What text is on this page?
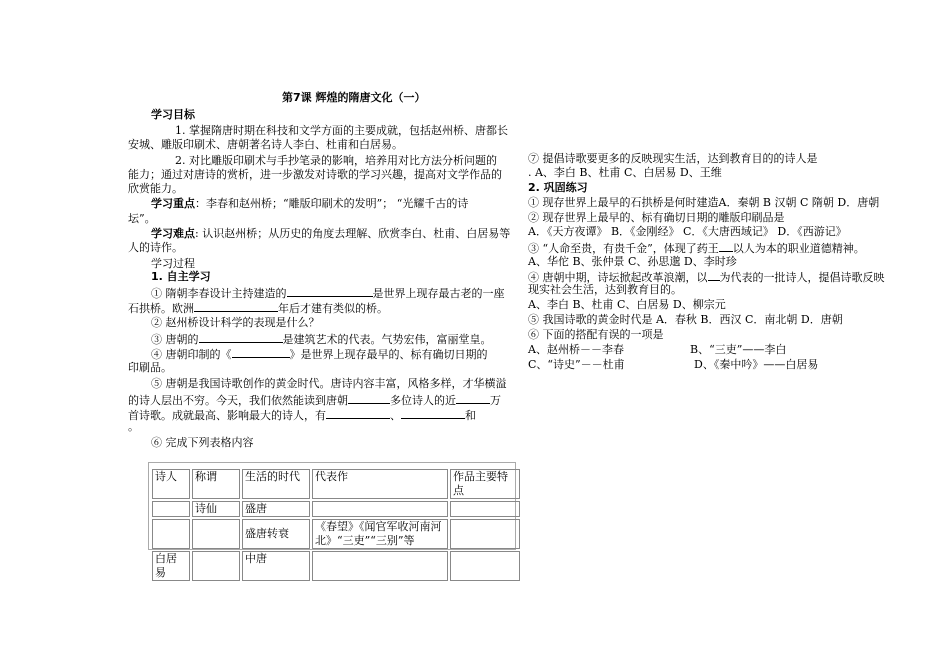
第7课 辉煌的隋唐文化（一）
学习目标
1. 掌握隋唐时期在科技和文学方面的主要成就，包括赵州桥、唐都长
安城、雕版印刷术、唐朝著名诗人李白、杜甫和白居易。
2. 对比雕版印刷术与手抄笔录的影响，培养用对比方法分析问题的
能力；通过对唐诗的赏析，进一步激发对诗歌的学习兴趣，提高对文学作品的
欣赏能力。
学习重点：李春和赵州桥；“雕版印刷术的发明”； “光耀千古的诗
坛”。
学习难点: 认识赵州桥；从历史的角度去理解、欣赏李白、杜甫、白居易等
人的诗作。
学习过程
1. 自主学习
① 隋朝李春设计主持建造的	是世界上现存最古老的一座
石拱桥。欧洲	年后才建有类似的桥。
② 赵州桥设计科学的表现是什么？
③ 唐朝的	是建筑艺术的代表。气势宏伟，富丽堂皇。
④ 唐朝印制的《	》是世界上现存最早的、标有确切日期的
印刷品。
⑤ 唐朝是我国诗歌创作的黄金时代。唐诗内容丰富，风格多样，才华横溢
的诗人层出不穷。今天，我们依然能读到唐朝	多位诗人的近	万
首诗歌。成就最高、影响最大的诗人，有	、	和
。
⑥ 完成下列表格内容
诗人	称谓	生活的时代	代表作	作品主要特点
	诗仙	盛唐		
		盛唐转衰	《春望》《闻官军收河南河
北》“三吏”“三别”等	

白居易		中唐		
⑦ 提倡诗歌要更多的反映现实生活，达到教育目的的诗人是
. A、李白 B、杜甫 C、白居易 D、王维
2. 巩固练习
① 现存世界上最早的石拱桥是何时建造A．秦朝 B 汉朝 C 隋朝 D．唐朝
② 现存世界上最早的、标有确切日期的雕版印刷品是
A．《天方夜谭》 B．《金刚经》 C．《大唐西域记》 D．《西游记》
③ “人命至贵，有贵千金”，体现了药王 以人为本的职业道德精神。
A、华佗 B、张仲景 C、孙思邈 D、李时珍
④ 唐朝中期，诗坛掀起改革浪潮，以 为代表的一批诗人，提倡诗歌反映
现实社会生活，达到教育目的。
A、李白 B、杜甫 C、白居易 D、柳宗元
⑤ 我国诗歌的黄金时代是 A．春秋 B．西汉 C．南北朝 D．唐朝
⑥ 下面的搭配有误的一项是
A、赵州桥－－李春	B、“三吏”——李白
C、“诗史”－－杜甫	D、《秦中吟》——白居易
